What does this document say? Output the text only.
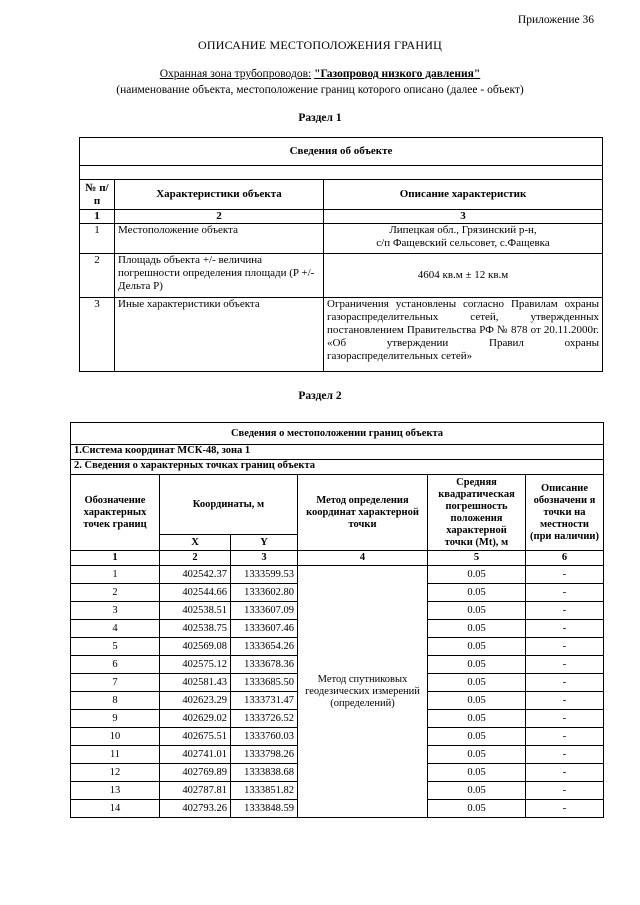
Приложение 36
ОПИСАНИЕ МЕСТОПОЛОЖЕНИЯ ГРАНИЦ
Охранная зона трубопроводов: "Газопровод низкого давления"
(наименование объекта, местоположение границ которого описано (далее - объект)
Раздел 1
Сведения об объекте		

№ п/п	Характеристики объекта	Описание характеристик
1	2	3
1	Местоположение объекта	Липецкая обл., Грязинский р-н,
с/п Фащевский сельсовет, с.Фащевка

2	Площадь объекта +/- величина погрешности определения площади (P +/- Дельта P)	4604 кв.м ± 12 кв.м
3	Иные характеристики объекта	Ограничения установлены согласно Правилам охраны газораспределительных сетей, утвержденных постановлением Правительства РФ № 878 от 20.11.2000г. «Об утверждении Правил охраны газораспределительных сетей»
Раздел 2
Сведения о местоположении границ объекта					
1.Система координат МСК-48, зона 1					
2. Сведения о характерных точках границ объекта					
Обозначение характерных точек границ	Координаты, м		Метод определения координат характерной точки	Средняя квадратическая погрешность положения характерной точки (Mt), м	Описание обозначени я точки на местности (при наличии)
	X	Y			
1	2	3	4	5	6
1	402542.37	1333599.53	Метод спутниковых геодезических измерений (определений)	0.05	-
2	402544.66	1333602.80		0.05	-
3	402538.51	1333607.09		0.05	-
4	402538.75	1333607.46		0.05	-
5	402569.08	1333654.26		0.05	-
6	402575.12	1333678.36		0.05	-
7	402581.43	1333685.50		0.05	-
8	402623.29	1333731.47		0.05	-
9	402629.02	1333726.52		0.05	-
10	402675.51	1333760.03		0.05	-
11	402741.01	1333798.26		0.05	-
12	402769.89	1333838.68		0.05	-
13	402787.81	1333851.82		0.05	-
14	402793.26	1333848.59		0.05	-
